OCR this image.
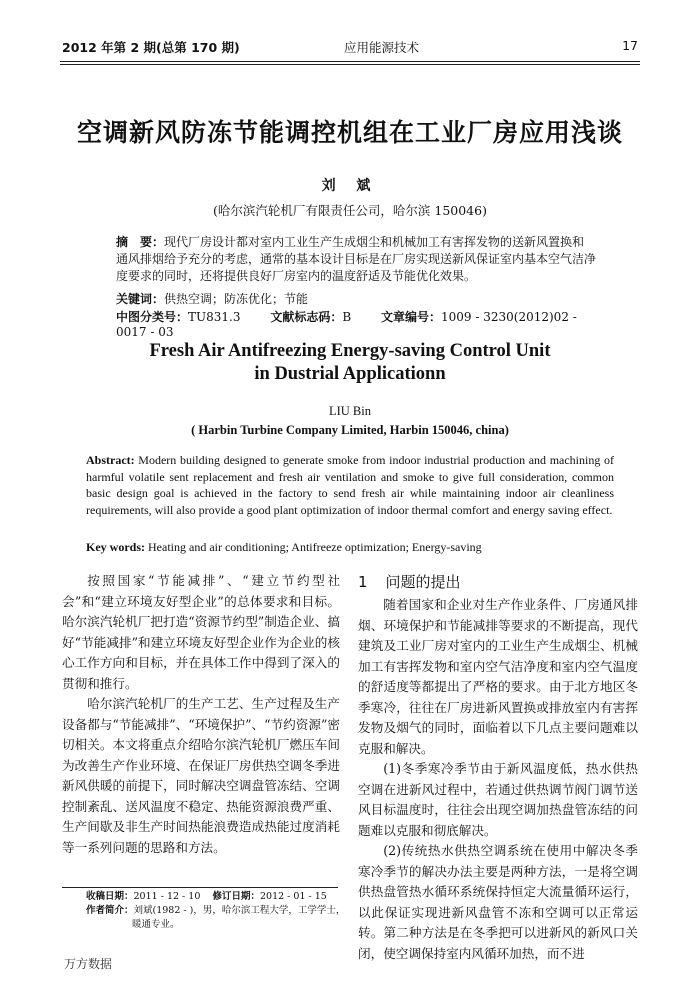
2012 年第 2 期(总第 170 期)	应用能源技术	17
空调新风防冻节能调控机组在工业厂房应用浅谈
刘 斌
(哈尔滨汽轮机厂有限责任公司，哈尔滨 150046)
摘　要：现代厂房设计都对室内工业生产生成烟尘和机械加工有害挥发物的送新风置换和通风排烟给予充分的考虑，通常的基本设计目标是在厂房实现送新风保证室内基本空气洁净度要求的同时，还将提供良好厂房室内的温度舒适及节能优化效果。
关键词：供热空调；防冻优化；节能
中图分类号：TU831.3 文献标志码：B 文章编号：1009 - 3230(2012)02 - 0017 - 03
Fresh Air Antifreezing Energy-saving Control Unit
in Dustrial Applicationn
LIU Bin
( Harbin Turbine Company Limited, Harbin 150046, china)
Abstract: Modern building designed to generate smoke from indoor industrial production and machining of harmful volatile sent replacement and fresh air ventilation and smoke to give full consideration, common basic design goal is achieved in the factory to send fresh air while maintaining indoor air cleanliness requirements, will also provide a good plant optimization of indoor thermal comfort and energy saving effect.
Key words: Heating and air conditioning; Antifreeze optimization; Energy-saving

按照国家“节能减排”、“建立节约型社会”和“建立环境友好型企业”的总体要求和目标。哈尔滨汽轮机厂把打造“资源节约型”制造企业、搞好“节能减排”和建立环境友好型企业作为企业的核心工作方向和目标，并在具体工作中得到了深入的贯彻和推行。

哈尔滨汽轮机厂的生产工艺、生产过程及生产设备都与“节能减排”、“环境保护”、“节约资源”密切相关。本文将重点介绍哈尔滨汽轮机厂燃压车间为改善生产作业环境、在保证厂房供热空调冬季进新风供暖的前提下，同时解决空调盘管冻结、空调控制紊乱、送风温度不稳定、热能资源浪费严重、生产间歇及非生产时间热能浪费造成热能过度消耗等一系列问题的思路和方法。

1 问题的提出

随着国家和企业对生产作业条件、厂房通风排烟、环境保护和节能减排等要求的不断提高，现代建筑及工业厂房对室内的工业生产生成烟尘、机械加工有害挥发物和室内空气洁净度和室内空气温度的舒适度等都提出了严格的要求。由于北方地区冬季寒冷，往往在厂房进新风置换或排放室内有害挥发物及烟气的同时，面临着以下几点主要问题难以克服和解决。

(1)冬季寒冷季节由于新风温度低，热水供热空调在进新风过程中，若通过供热调节阀门调节送风目标温度时，往往会出现空调加热盘管冻结的问题难以克服和彻底解决。

(2)传统热水供热空调系统在使用中解决冬季寒冷季节的解决办法主要是两种方法，一是将空调供热盘管热水循环系统保持恒定大流量循环运行，以此保证实现进新风盘管不冻和空调可以正常运转。第二种方法是在冬季把可以进新风的新风口关闭，使空调保持室内风循环加热，而不进

收稿日期：2011 - 12 - 10 修订日期：2012 - 01 - 15
作者简介：刘斌(1982 - )，男，哈尔滨工程大学，工学学士，
暖通专业。
万方数据
